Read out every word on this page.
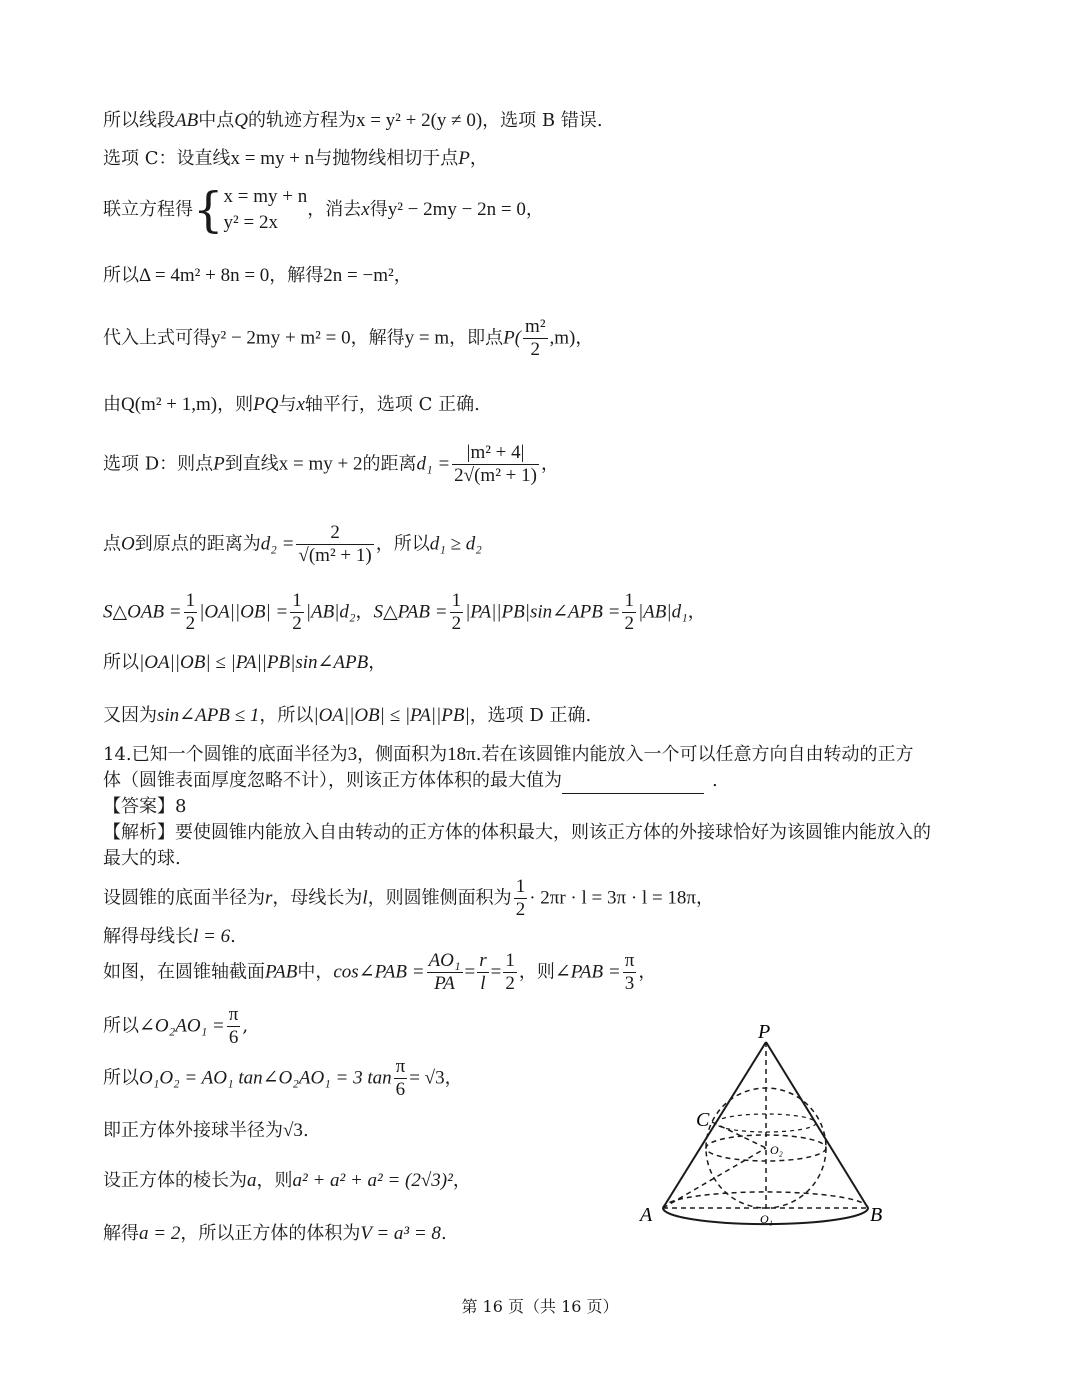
所以线段AB中点Q的轨迹方程为x = y² + 2(y ≠ 0)，选项 B 错误.
选项 C：设直线x = my + n与抛物线相切于点P，
联立方程得{ x = my + n
y² = 2x
，消去x得y² − 2my − 2n = 0，
所以Δ = 4m² + 8n = 0，解得2n = −m²，
代入上式可得y² − 2my + m² = 0，解得y = m，即点$P( \frac{\text{m²}}{2} ,m)$，
由Q(m² + 1,m)，则PQ与x轴平行，选项 C 正确.
选项 D：则点P到直线x = my + 2的距离$d_1 = \frac{\text{|m² + 4|}}{\text{2√(m² + 1)}}$ ，
点O到原点的距离为$d_2 = \frac{2}{\text{√(m² + 1)}}$ ，所以d₁ ≥ d₂
S△OAB = $\frac{1}{2} |OA||OB| = \frac{1}{2} |AB|d_2$，S△PAB = $\frac{1}{2}$ |PA||PB|sin∠APB = $\frac{1}{2} |AB|d_1$，
所以|OA||OB| ≤ |PA||PB|sin∠APB，
又因为sin∠APB ≤ 1，所以|OA||OB| ≤ |PA||PB|，选项 D 正确.
14.已知一个圆锥的底面半径为3，侧面积为18π.若在该圆锥内能放入一个可以任意方向自由转动的正方
体（圆锥表面厚度忽略不计），则该正方体体积的最大值为	.
【答案】8
【解析】要使圆锥内能放入自由转动的正方体的体积最大，则该正方体的外接球恰好为该圆锥内能放入的
最大的球.
设圆锥的底面半径为r，母线长为l，则圆锥侧面积为 $\frac{1}{2} \cdot 2\pi r \cdot l = 3\pi \cdot l = 18\pi$，
解得母线长l = 6.
如图，在圆锥轴截面PAB中，cos∠PAB = $\frac{\text{AO₁}}{PA} = \frac{r}{l} = \frac{1}{2}$ ，则∠PAB = $\frac{\pi}{3}$ ，
所以∠O₂AO₁ = $\frac{\pi}{6}$ ,
所以O₁O₂ = AO₁ tan∠O₂AO₁ = 3 $\tan \frac{\pi}{6} = √3$，
即正方体外接球半径为√3.
设正方体的棱长为a，则a² + a² + a² = (2√3)²，
解得a = 2，所以正方体的体积为V = a³ = 8.
P
A	B
C
O₁
O₂
第 16 页（共 16 页）
